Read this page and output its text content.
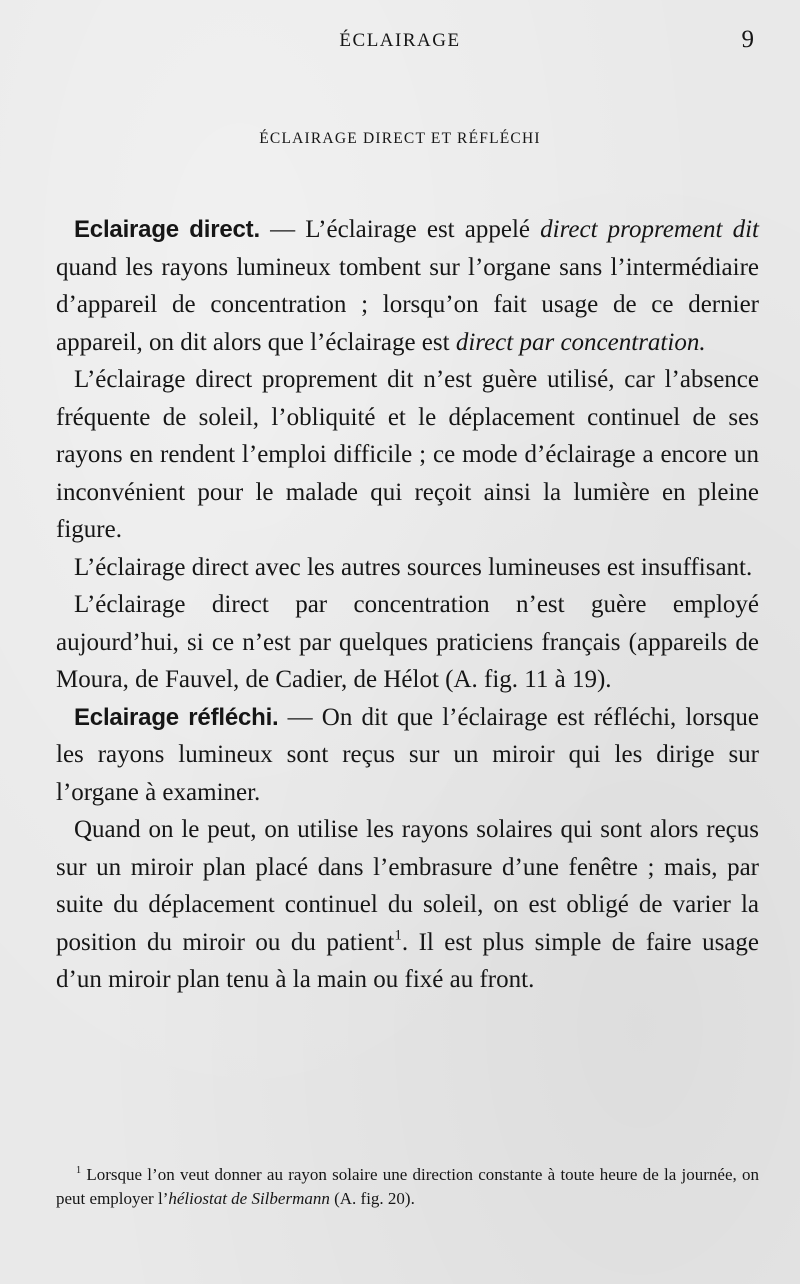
ÉCLAIRAGE	9
ÉCLAIRAGE DIRECT ET RÉFLÉCHI

Eclairage direct. — L’éclairage est appelé direct proprement dit quand les rayons lumineux tombent sur l’organe sans l’intermédiaire d’appareil de concentration ; lorsqu’on fait usage de ce dernier appareil, on dit alors que l’éclairage est direct par concentration.

L’éclairage direct proprement dit n’est guère utilisé, car l’absence fréquente de soleil, l’obliquité et le déplacement continuel de ses rayons en rendent l’emploi difficile ; ce mode d’éclairage a encore un inconvénient pour le malade qui reçoit ainsi la lumière en pleine figure.

L’éclairage direct avec les autres sources lumineuses est insuffisant.

L’éclairage direct par concentration n’est guère employé aujourd’hui, si ce n’est par quelques praticiens français (appareils de Moura, de Fauvel, de Cadier, de Hélot (A. fig. 11 à 19).

Eclairage réfléchi. — On dit que l’éclairage est réfléchi, lorsque les rayons lumineux sont reçus sur un miroir qui les dirige sur l’organe à examiner.

Quand on le peut, on utilise les rayons solaires qui sont alors reçus sur un miroir plan placé dans l’embrasure d’une fenêtre ; mais, par suite du déplacement continuel du soleil, on est obligé de varier la position du miroir ou du patient$^1$. Il est plus simple de faire usage d’un miroir plan tenu à la main ou fixé au front.

$^1$ Lorsque l’on veut donner au rayon solaire une direction constante à toute heure de la journée, on peut employer l’héliostat de Silbermann (A. fig. 20).
